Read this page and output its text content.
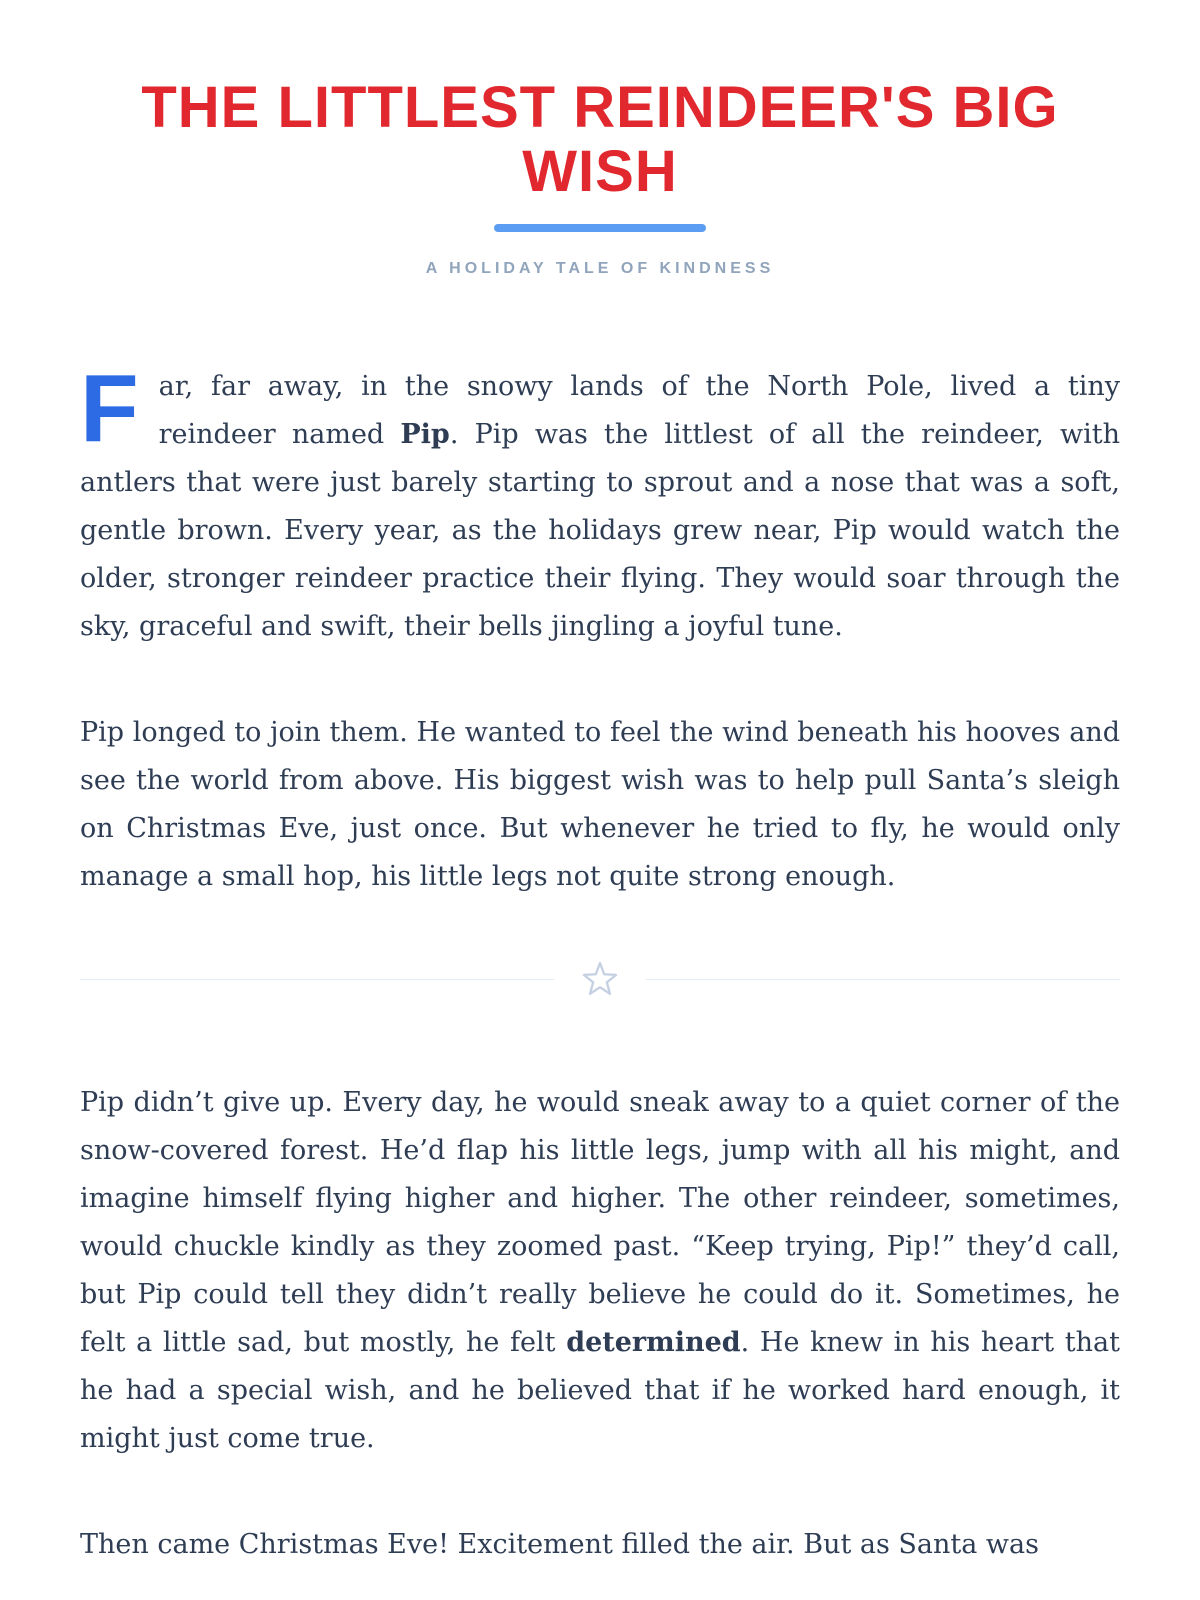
THE LITTLEST REINDEER'S BIG WISH
A HOLIDAY TALE OF KINDNESS

Far, far away, in the snowy lands of the North Pole, lived a tiny reindeer named Pip. Pip was the littlest of all the reindeer, with antlers that were just barely starting to sprout and a nose that was a soft, gentle brown. Every year, as the holidays grew near, Pip would watch the older, stronger reindeer practice their flying. They would soar through the sky, graceful and swift, their bells jingling a joyful tune.

Pip longed to join them. He wanted to feel the wind beneath his hooves and see the world from above. His biggest wish was to help pull Santa’s sleigh on Christmas Eve, just once. But whenever he tried to fly, he would only manage a small hop, his little legs not quite strong enough.

Pip didn’t give up. Every day, he would sneak away to a quiet corner of the snow-covered forest. He’d flap his little legs, jump with all his might, and imagine himself flying higher and higher. The other reindeer, sometimes, would chuckle kindly as they zoomed past. “Keep trying, Pip!” they’d call, but Pip could tell they didn’t really believe he could do it. Sometimes, he felt a little sad, but mostly, he felt determined. He knew in his heart that he had a special wish, and he believed that if he worked hard enough, it might just come true.

Then came Christmas Eve! Excitement filled the air. But as Santa was
